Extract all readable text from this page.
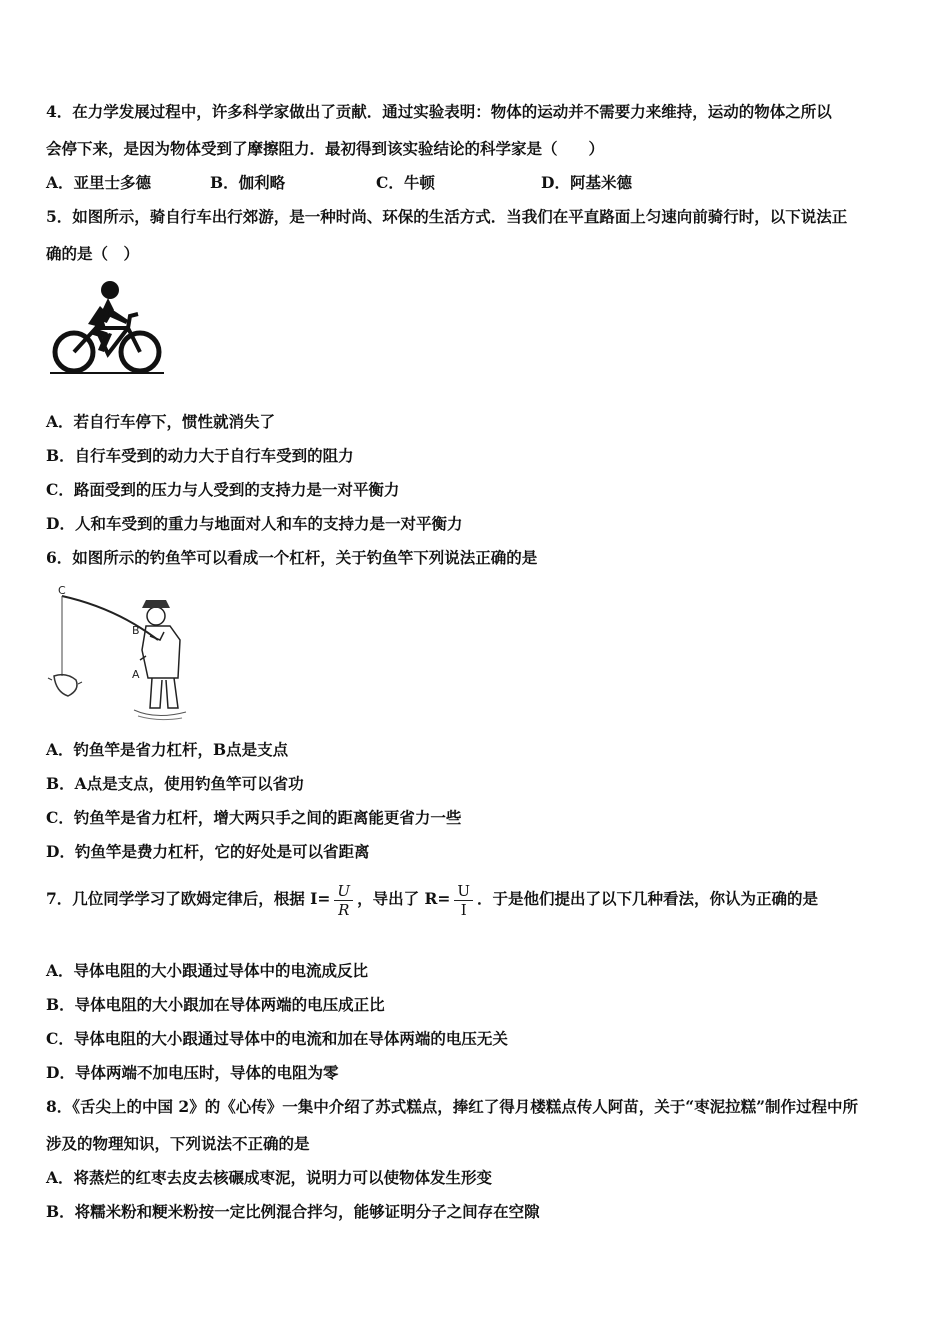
4．在力学发展过程中，许多科学家做出了贡献．通过实验表明：物体的运动并不需要力来维持，运动的物体之所以
会停下来，是因为物体受到了摩擦阻力．最初得到该实验结论的科学家是（　　）
A．亚里士多德	B．伽利略	C．牛顿	D．阿基米德
5．如图所示，骑自行车出行郊游，是一种时尚、环保的生活方式．当我们在平直路面上匀速向前骑行时，以下说法正
确的是（　）
A．若自行车停下，惯性就消失了
B．自行车受到的动力大于自行车受到的阻力
C．路面受到的压力与人受到的支持力是一对平衡力
D．人和车受到的重力与地面对人和车的支持力是一对平衡力
6．如图所示的钓鱼竿可以看成一个杠杆，关于钓鱼竿下列说法正确的是
C
B
A
A．钓鱼竿是省力杠杆，B点是支点
B．A点是支点，使用钓鱼竿可以省功
C．钓鱼竿是省力杠杆，增大两只手之间的距离能更省力一些
D．钓鱼竿是费力杠杆，它的好处是可以省距离
7．几位同学学习了欧姆定律后，根据 $I= \frac{U}{R}$ ，导出了 $R= \frac{U}{I}$ ．于是他们提出了以下几种看法，你认为正确的是
A．导体电阻的大小跟通过导体中的电流成反比
B．导体电阻的大小跟加在导体两端的电压成正比
C．导体电阻的大小跟通过导体中的电流和加在导体两端的电压无关
D．导体两端不加电压时，导体的电阻为零
8．《舌尖上的中国 2》的《心传》一集中介绍了苏式糕点，捧红了得月楼糕点传人阿苗，关于“枣泥拉糕”制作过程中所
涉及的物理知识，下列说法不正确的是
A．将蒸烂的红枣去皮去核碾成枣泥，说明力可以使物体发生形变
B．将糯米粉和粳米粉按一定比例混合拌匀，能够证明分子之间存在空隙
